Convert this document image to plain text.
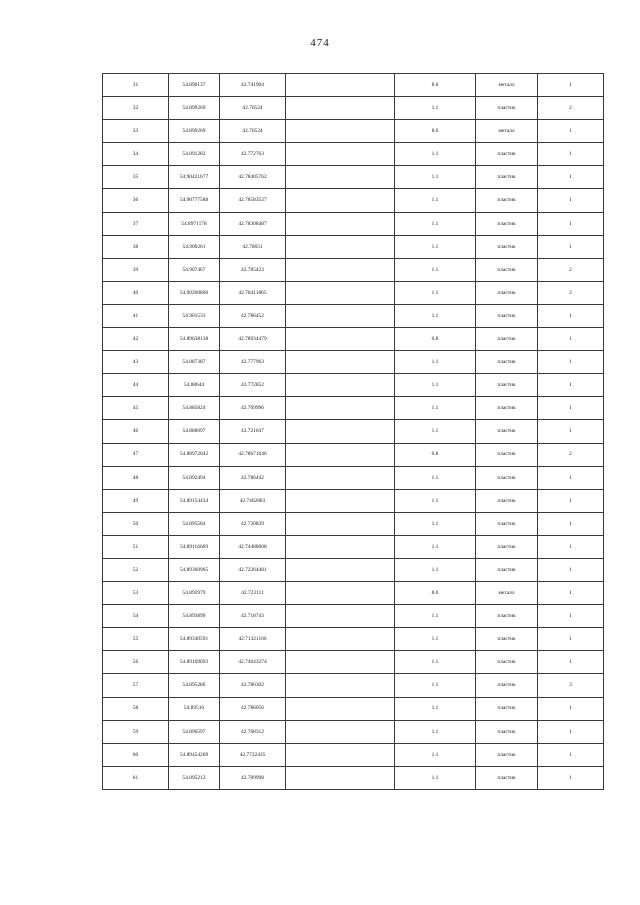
474
31	54.890137	42.741904		8.0	металл	1
32	54.899269	42.76524		1.1	пластик	2
33	54.899269	42.76524		8.0	металл	1
34	54.891282	42.772763		1.1	пластик	1
35	54.90421677	42.78405762		1.1	пластик	1
36	54.90777588	42.78583527		1.1	пластик	1
37	54.8971178	42.78308487		1.1	пластик	1
38	54.900261	42.78651		1.1	пластик	1
39	54.907467	42.785423		1.1	пластик	2
40	54.90200806	42.78411865		1.1	пластик	2
41	54.901533	42.786452		1.1	пластик	1
42	54.89638138	42.78934479		0.8	пластик	1
43	54.887387	42.777963		1.1	пластик	1
44	54.88644	42.772852		1.1	пластик	1
45	54.885824	42.769996		1.1	пластик	1
46	54.888097	42.721047		1.1	пластик	1
47	54.88972042	42.78671646		0.8	пластик	2
48	54.892494	42.786442		1.1	пластик	1
49	54.89154434	42.7462883		1.1	пластик	1
50	54.895584	42.720839		1.1	пластик	1
51	54.89116669	42.74488008		1.1	пластик	1
52	54.89360965	42.72264481		1.1	пластик	1
53	54.893979	42.723111		8.0	металл	1
54	54.893899	42.718743		1.1	пластик	1
55	54.89340591	42.71321106		1.1	пластик	1
56	54.89169693	42.74043274		1.1	пластик	1
57	54.895286	42.786302		1.1	пластик	3
58	54.89516	42.786056		1.1	пластик	1
59	54.896597	42.768312		1.1	пластик	1
60	54.89454269	42.7722435		1.1	пластик	1
61	54.895212	42.789998		1.1	пластик	1
